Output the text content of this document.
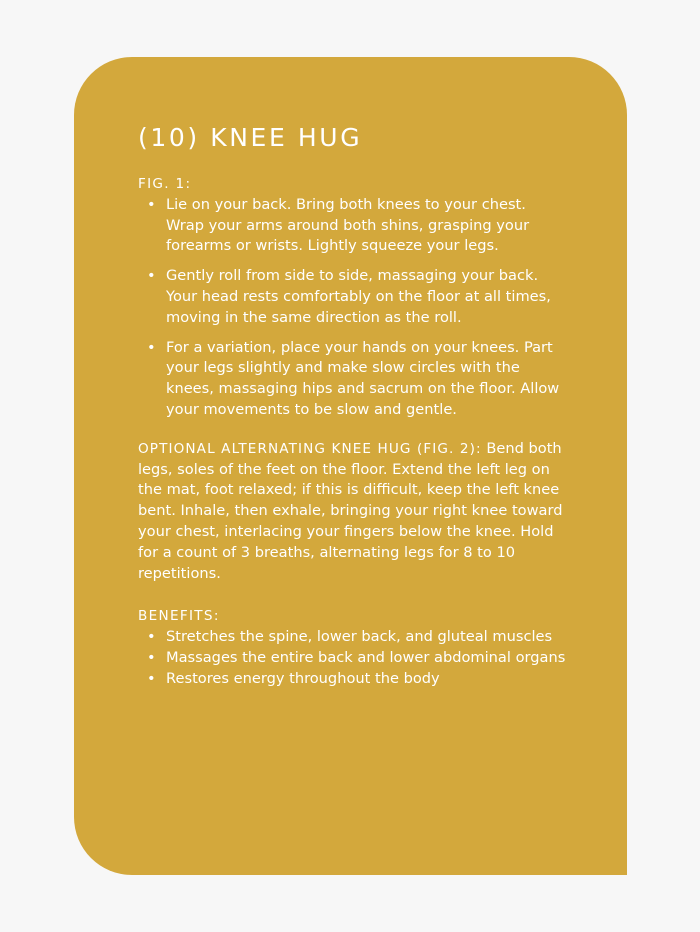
(10) KNEE HUG
FIG. 1:
• Lie on your back. Bring both knees to your chest. Wrap your arms around both shins, grasping your forearms or wrists. Lightly squeeze your legs.
• Gently roll from side to side, massaging your back. Your head rests comfortably on the floor at all times, moving in the same direction as the roll.
• For a variation, place your hands on your knees. Part your legs slightly and make slow circles with the knees, massaging hips and sacrum on the floor. Allow your movements to be slow and gentle.

OPTIONAL ALTERNATING KNEE HUG (FIG. 2): Bend both legs, soles of the feet on the floor. Extend the left leg on the mat, foot relaxed; if this is difficult, keep the left knee bent. Inhale, then exhale, bringing your right knee toward your chest, interlacing your fingers below the knee. Hold for a count of 3 breaths, alternating legs for 8 to 10 repetitions.

BENEFITS:
• Stretches the spine, lower back, and gluteal muscles
• Massages the entire back and lower abdominal organs
• Restores energy throughout the body
